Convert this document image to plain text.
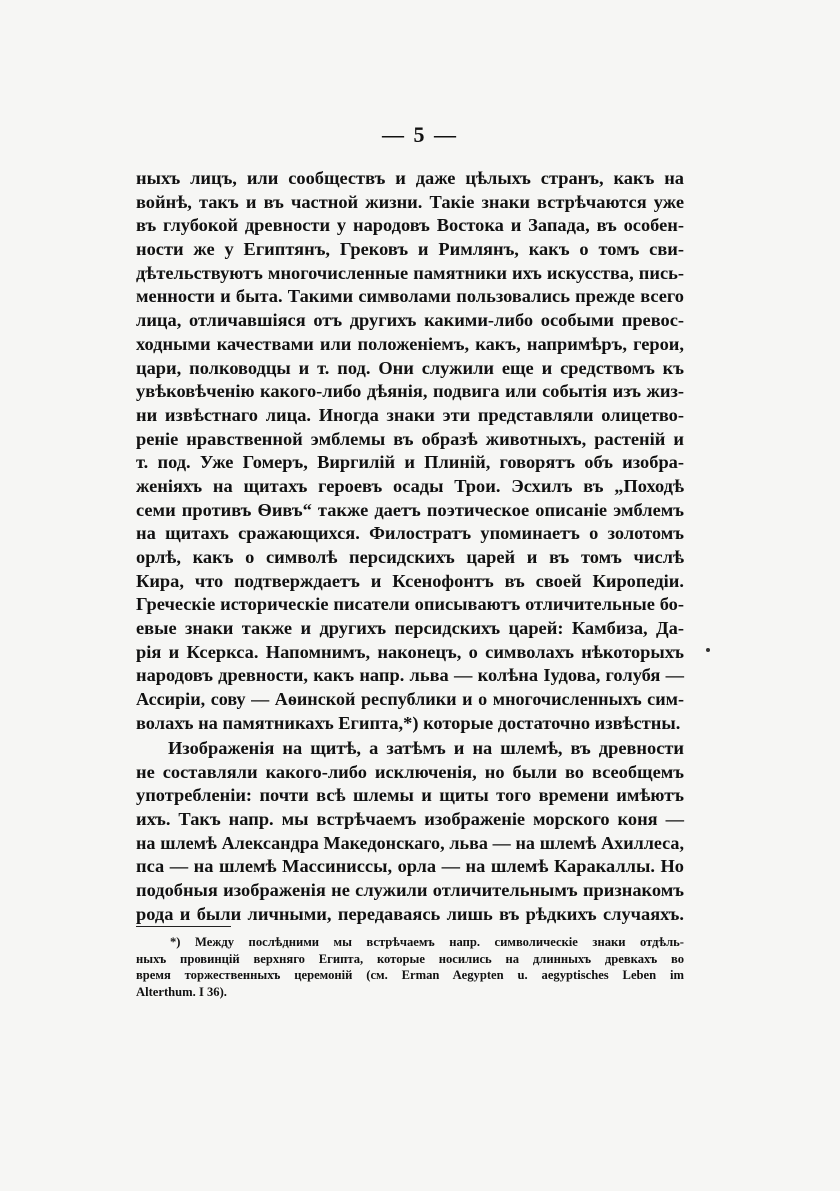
— 5 —
ныхъ лицъ, или сообществъ и даже цѣлыхъ странъ, какъ на
войнѣ, такъ и въ частной жизни. Такіе знаки встрѣчаются уже
въ глубокой древности у народовъ Востока и Запада, въ особен-
ности же у Египтянъ, Грековъ и Римлянъ, какъ о томъ сви-
дѣтельствуютъ многочисленные памятники ихъ искусства, пись-
менности и быта. Такими символами пользовались прежде всего
лица, отличавшіяся отъ другихъ какими-либо особыми превос-
ходными качествами или положеніемъ, какъ, напримѣръ, герои,
цари, полководцы и т. под. Они служили еще и средствомъ къ
увѣковѣченію какого-либо дѣянія, подвига или событія изъ жиз-
ни извѣстнаго лица. Иногда знаки эти представляли олицетво-
реніе нравственной эмблемы въ образѣ животныхъ, растеній и
т. под. Уже Гомеръ, Виргилій и Плиній, говорятъ объ изобра-
женіяхъ на щитахъ героевъ осады Трои. Эсхилъ въ „Походѣ
семи противъ Ѳивъ“ также даетъ поэтическое описаніе эмблемъ
на щитахъ сражающихся. Филостратъ упоминаетъ о золотомъ
орлѣ, какъ о символѣ персидскихъ царей и въ томъ числѣ
Кира, что подтверждаетъ и Ксенофонтъ въ своей Киропедіи.
Греческіе историческіе писатели описываютъ отличительные бо-
евые знаки также и другихъ персидскихъ царей: Камбиза, Да-
рія и Ксеркса. Напомнимъ, наконецъ, о символахъ нѣкоторыхъ
народовъ древности, какъ напр. льва — колѣна Іудова, голубя —
Ассиріи, сову — Аѳинской республики и о многочисленныхъ сим-
волахъ на памятникахъ Египта,*) которые достаточно извѣстны.
Изображенія на щитѣ, а затѣмъ и на шлемѣ, въ древности
не составляли какого-либо исключенія, но были во всеобщемъ
употребленіи: почти всѣ шлемы и щиты того времени имѣютъ
ихъ. Такъ напр. мы встрѣчаемъ изображеніе морского коня —
на шлемѣ Александра Македонскаго, льва — на шлемѣ Ахиллеса,
пса — на шлемѣ Массиниссы, орла — на шлемѣ Каракаллы. Но
подобныя изображенія не служили отличительнымъ признакомъ
рода и были личными, передаваясь лишь въ рѣдкихъ случаяхъ.
*) Между послѣдними мы встрѣчаемъ напр. символическіе знаки отдѣль-
ныхъ провинцій верхняго Египта, которые носились на длинныхъ древкахъ во
время торжественныхъ церемоній (см. Erman Aegypten u. aegyptisches Leben im
Alterthum. I 36).
